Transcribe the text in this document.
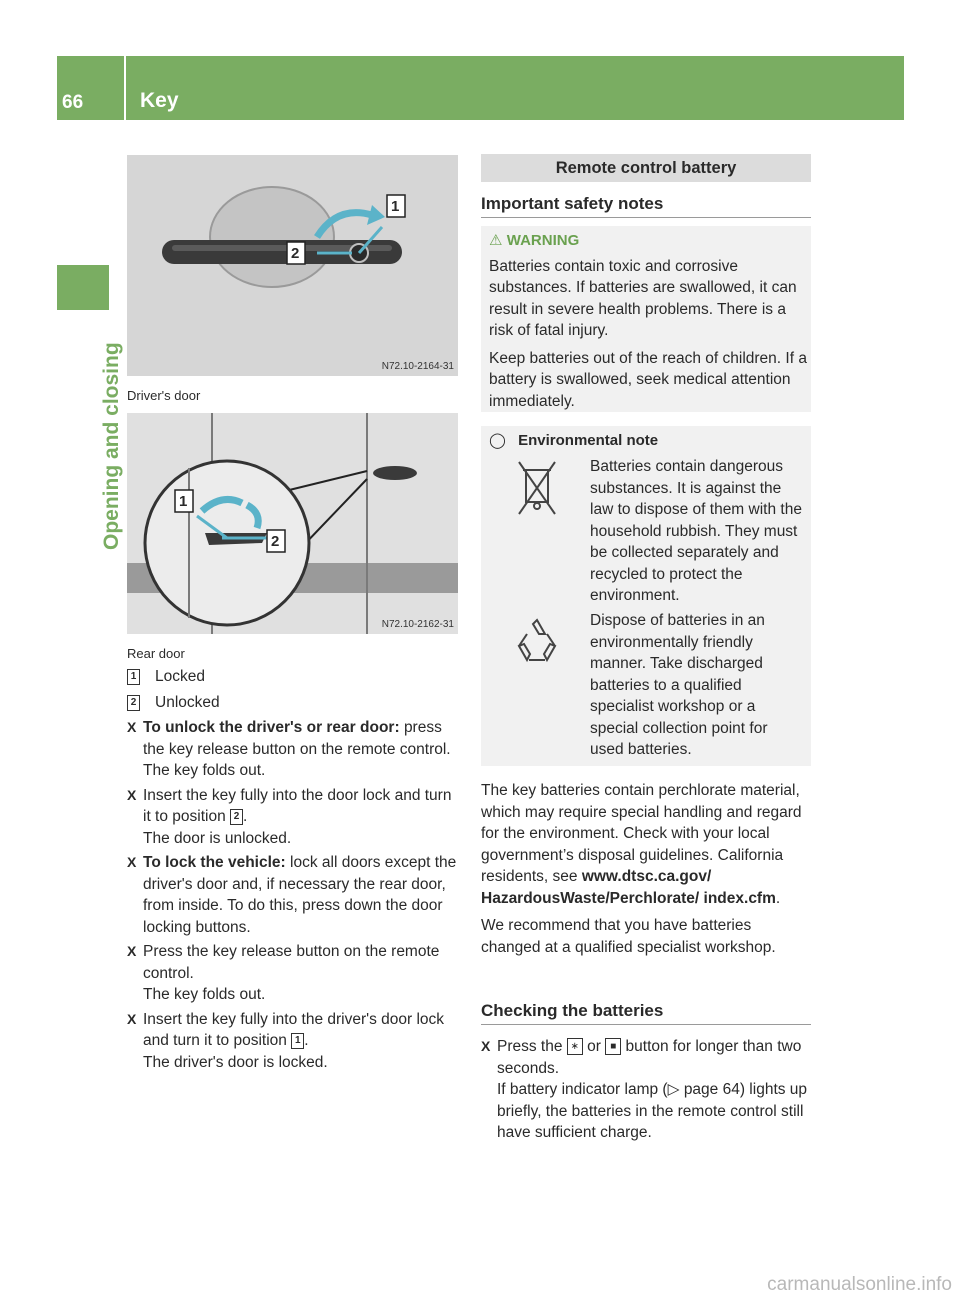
66	Key
Opening and closing
1
2
N72.10-2164-31
Driver's door
1
2
N72.10-2162-31
Rear door
1 Locked
2 Unlocked
X To unlock the driver's or rear door: press the key release button on the remote control.

The key folds out.

X Insert the key fully into the door lock and turn it to position 2 .

The door is unlocked.

X To lock the vehicle: lock all doors except the driver's door and, if necessary the rear door, from inside. To do this, press down the door locking buttons.

X Press the key release button on the remote control.

The key folds out.

X Insert the key fully into the driver's door lock and turn it to position 1 .

The driver's door is locked.

Remote control battery
Important safety notes
⚠ WARNING

Batteries contain toxic and corrosive substances. If batteries are swallowed, it can result in severe health problems. There is a risk of fatal injury.

Keep batteries out of the reach of children. If a battery is swallowed, seek medical attention immediately.

◯ Environmental note
Batteries contain dangerous substances. It is against the law to dispose of them with the household rubbish. They must be collected separately and recycled to protect the environment.
Dispose of batteries in an environmentally friendly manner. Take discharged batteries to a qualified specialist workshop or a special collection point for used batteries.

The key batteries contain perchlorate material, which may require special handling and regard for the environment. Check with your local government’s disposal guidelines. California residents, see www.dtsc.ca.gov/ HazardousWaste/Perchlorate/ index.cfm.

We recommend that you have batteries changed at a qualified specialist workshop.

Checking the batteries
X Press the ∗ or ■ button for longer than two seconds.

If battery indicator lamp (▷ page 64) lights up briefly, the batteries in the remote control still have sufficient charge.

carmanualsonline.info
